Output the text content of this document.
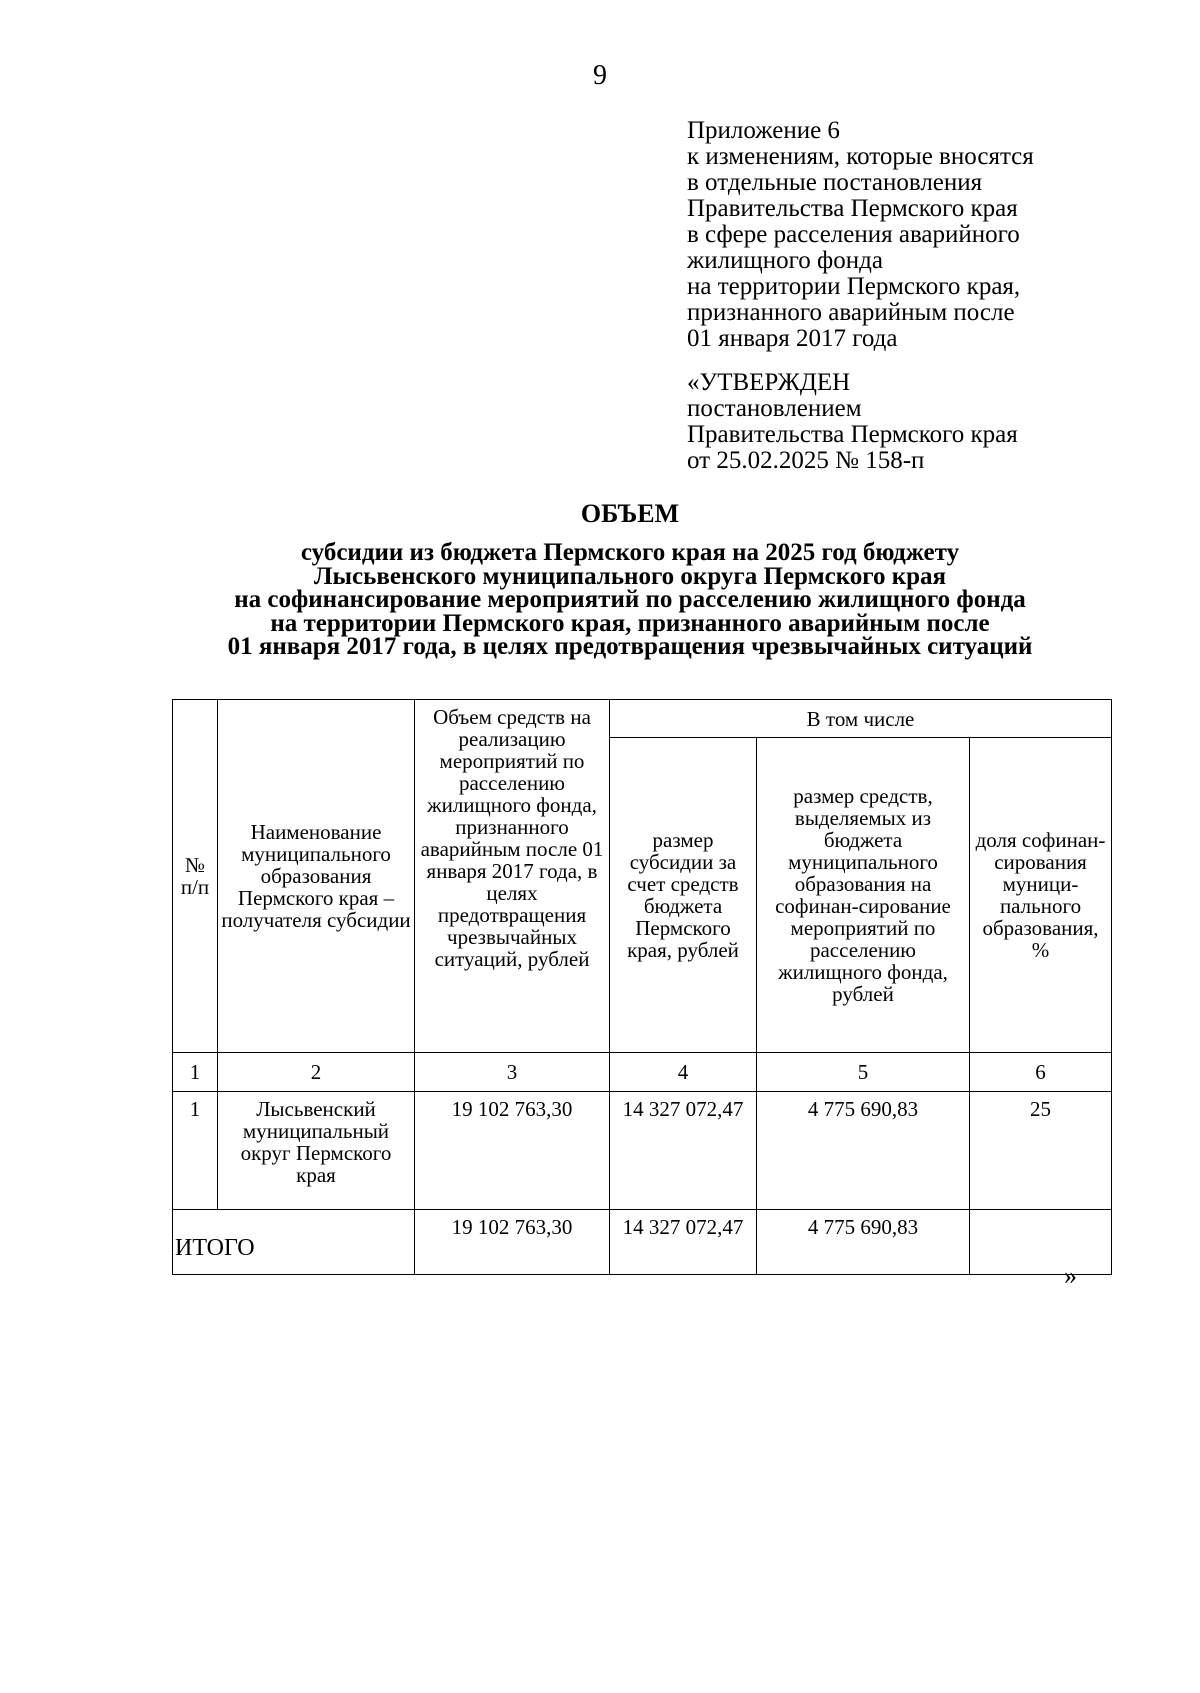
9
Приложение 6
к изменениям, которые вносятся
в отдельные постановления
Правительства Пермского края
в сфере расселения аварийного
жилищного фонда
на территории Пермского края,
признанного аварийным после
01 января 2017 года
«УТВЕРЖДЕН
постановлением
Правительства Пермского края
от 25.02.2025 № 158-п
ОБЪЕМ
субсидии из бюджета Пермского края на 2025 год бюджету
Лысьвенского муниципального округа Пермского края
на софинансирование мероприятий по расселению жилищного фонда
на территории Пермского края, признанного аварийным после
01 января 2017 года, в целях предотвращения чрезвычайных ситуаций
№ п/п	Наименование муниципального образования Пермского края – получателя субсидии	Объем средств на реализацию мероприятий по расселению жилищного фонда, признанного аварийным после 01 января 2017 года, в целях предотвращения чрезвычайных ситуаций, рублей	В том числе		
			размер субсидии за счет средств бюджета Пермского края, рублей	размер средств, выделяемых из бюджета муниципального образования на софинан-сирование мероприятий по расселению жилищного фонда, рублей	доля софинан-сирования муници-пального образования, %
1	2	3	4	5	6
1	Лысьвенский муниципальный округ Пермского края	19 102 763,30	14 327 072,47	4 775 690,83	25
ИТОГО		19 102 763,30	14 327 072,47	4 775 690,83	
»
